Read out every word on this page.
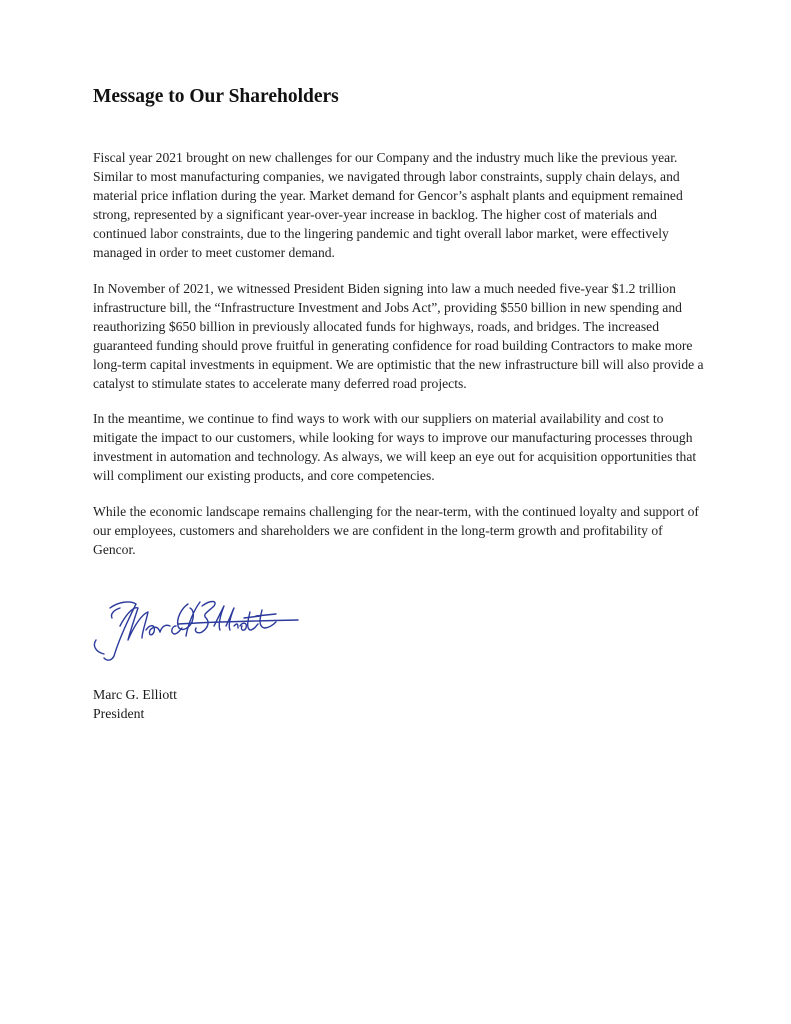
Message to Our Shareholders

Fiscal year 2021 brought on new challenges for our Company and the industry much like the previous year. Similar to most manufacturing companies, we navigated through labor constraints, supply chain delays, and material price inflation during the year. Market demand for Gencor’s asphalt plants and equipment remained strong, represented by a significant year-over-year increase in backlog. The higher cost of materials and continued labor constraints, due to the lingering pandemic and tight overall labor market, were effectively managed in order to meet customer demand.

In November of 2021, we witnessed President Biden signing into law a much needed five-year $1.2 trillion infrastructure bill, the “Infrastructure Investment and Jobs Act”, providing $550 billion in new spending and reauthorizing $650 billion in previously allocated funds for highways, roads, and bridges. The increased guaranteed funding should prove fruitful in generating confidence for road building Contractors to make more long-term capital investments in equipment. We are optimistic that the new infrastructure bill will also provide a catalyst to stimulate states to accelerate many deferred road projects.

In the meantime, we continue to find ways to work with our suppliers on material availability and cost to mitigate the impact to our customers, while looking for ways to improve our manufacturing processes through investment in automation and technology. As always, we will keep an eye out for acquisition opportunities that will compliment our existing products, and core competencies.

While the economic landscape remains challenging for the near-term, with the continued loyalty and support of our employees, customers and shareholders we are confident in the long-term growth and profitability of Gencor.

Marc G. Elliott
President
